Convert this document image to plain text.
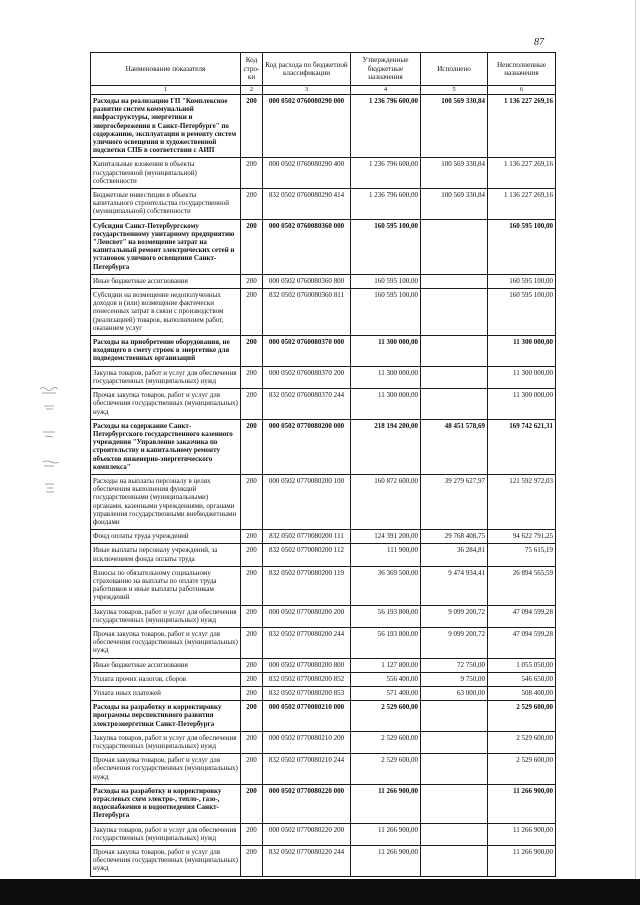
87
Наименование показателя	Код стро- ки	Код расхода по бюджетной классификации	Утвержденные бюджетные назначения	Исполнено	Неисполненные назначения
1	2	3	4	5	6
Расходы на реализацию ГП "Комплексное развитие систем коммунальной инфраструктуры, энергетики и энергосбережения в Санкт-Петербурге" по содержанию, эксплуатации и ремонту систем уличного освещения и художественной подсветки СПБ в соответствии с АИП	200	000 0502 0760080290 000	1 236 796 600,00	100 569 330,84	1 136 227 269,16
Капитальные вложения в объекты государственной (муниципальной) собственности	200	000 0502 0760080290 400	1 236 796 600,00	100 569 330,84	1 136 227 269,16
Бюджетные инвестиции в объекты капитального строительства государственной (муниципальной) собственности	200	832 0502 0760080290 414	1 236 796 600,00	100 569 330,84	1 136 227 269,16
Субсидия Санкт-Петербургскому государственному унитарному предприятию "Ленсвет" на возмещение затрат на капитальный ремонт электрических сетей и установок уличного освещения Санкт-Петербурга	200	000 0502 0760080360 000	160 595 100,00		160 595 100,00
Иные бюджетные ассигнования	200	000 0502 0760080360 800	160 595 100,00		160 595 100,00
Субсидии на возмещение недополученных доходов и (или) возмещение фактически понесенных затрат в связи с производством (реализацией) товаров, выполнением работ, оказанием услуг	200	832 0502 0760080360 811	160 595 100,00		160 595 100,00
Расходы на приобретение оборудования, не входящего в смету строек в энергетике для подведомственных организаций	200	000 0502 0760080370 000	11 300 000,00		11 300 000,00
Закупка товаров, работ и услуг для обеспечения государственных (муниципальных) нужд	200	000 0502 0760080370 200	11 300 000,00		11 300 000,00
Прочая закупка товаров, работ и услуг для обеспечения государственных (муниципальных) нужд	200	832 0502 0760080370 244	11 300 000,00		11 300 000,00
Расходы на содержание Санкт-Петербургского государственного казенного учреждения "Управление заказчика по строительству и капитальному ремонту объектов инженерно-энергетического комплекса"	200	000 0502 0770080200 000	218 194 200,00	48 451 578,69	169 742 621,31
Расходы на выплаты персоналу в целях обеспечения выполнения функций государственными (муниципальными) органами, казенными учреждениями, органами управления государственными внебюджетными фондами	200	000 0502 0770080200 100	160 872 600,00	39 279 627,97	121 592 972,03
Фонд оплаты труда учреждений	200	832 0502 0770080200 111	124 391 200,00	29 768 408,75	94 622 791,25
Иные выплаты персоналу учреждений, за исключением фонда оплаты труда	200	832 0502 0770080200 112	111 900,00	36 284,81	75 615,19
Взносы по обязательному социальному страхованию на выплаты по оплате труда работников и иные выплаты работникам учреждений	200	832 0502 0770080200 119	36 369 500,00	9 474 934,41	26 894 565,59
Закупка товаров, работ и услуг для обеспечения государственных (муниципальных) нужд	200	000 0502 0770080200 200	56 193 800,00	9 099 200,72	47 094 599,28
Прочая закупка товаров, работ и услуг для обеспечения государственных (муниципальных) нужд	200	832 0502 0770080200 244	56 193 800,00	9 099 200,72	47 094 599,28
Иные бюджетные ассигнования	200	000 0502 0770080200 800	1 127 800,00	72 750,00	1 055 050,00
Уплата прочих налогов, сборов	200	832 0502 0770080200 852	556 400,00	9 750,00	546 650,00
Уплата иных платежей	200	832 0502 0770080200 853	571 400,00	63 000,00	508 400,00
Расходы на разработку и корректировку программы перспективного развития электроэнергетики Санкт-Петербурга	200	000 0502 0770080210 000	2 529 600,00		2 529 600,00
Закупка товаров, работ и услуг для обеспечения государственных (муниципальных) нужд	200	000 0502 0770080210 200	2 529 600,00		2 529 600,00
Прочая закупка товаров, работ и услуг для обеспечения государственных (муниципальных) нужд	200	832 0502 0770080210 244	2 529 600,00		2 529 600,00
Расходы на разработку и корректировку отраслевых схем электро-, тепло-, газо-, водоснабжения и водоотведения Санкт-Петербурга	200	000 0502 0770080220 000	11 266 900,00		11 266 900,00
Закупка товаров, работ и услуг для обеспечения государственных (муниципальных) нужд	200	000 0502 0770080220 200	11 266 900,00		11 266 900,00
Прочая закупка товаров, работ и услуг для обеспечения государственных (муниципальных) нужд	200	832 0502 0770080220 244	11 266 900,00		11 266 900,00
